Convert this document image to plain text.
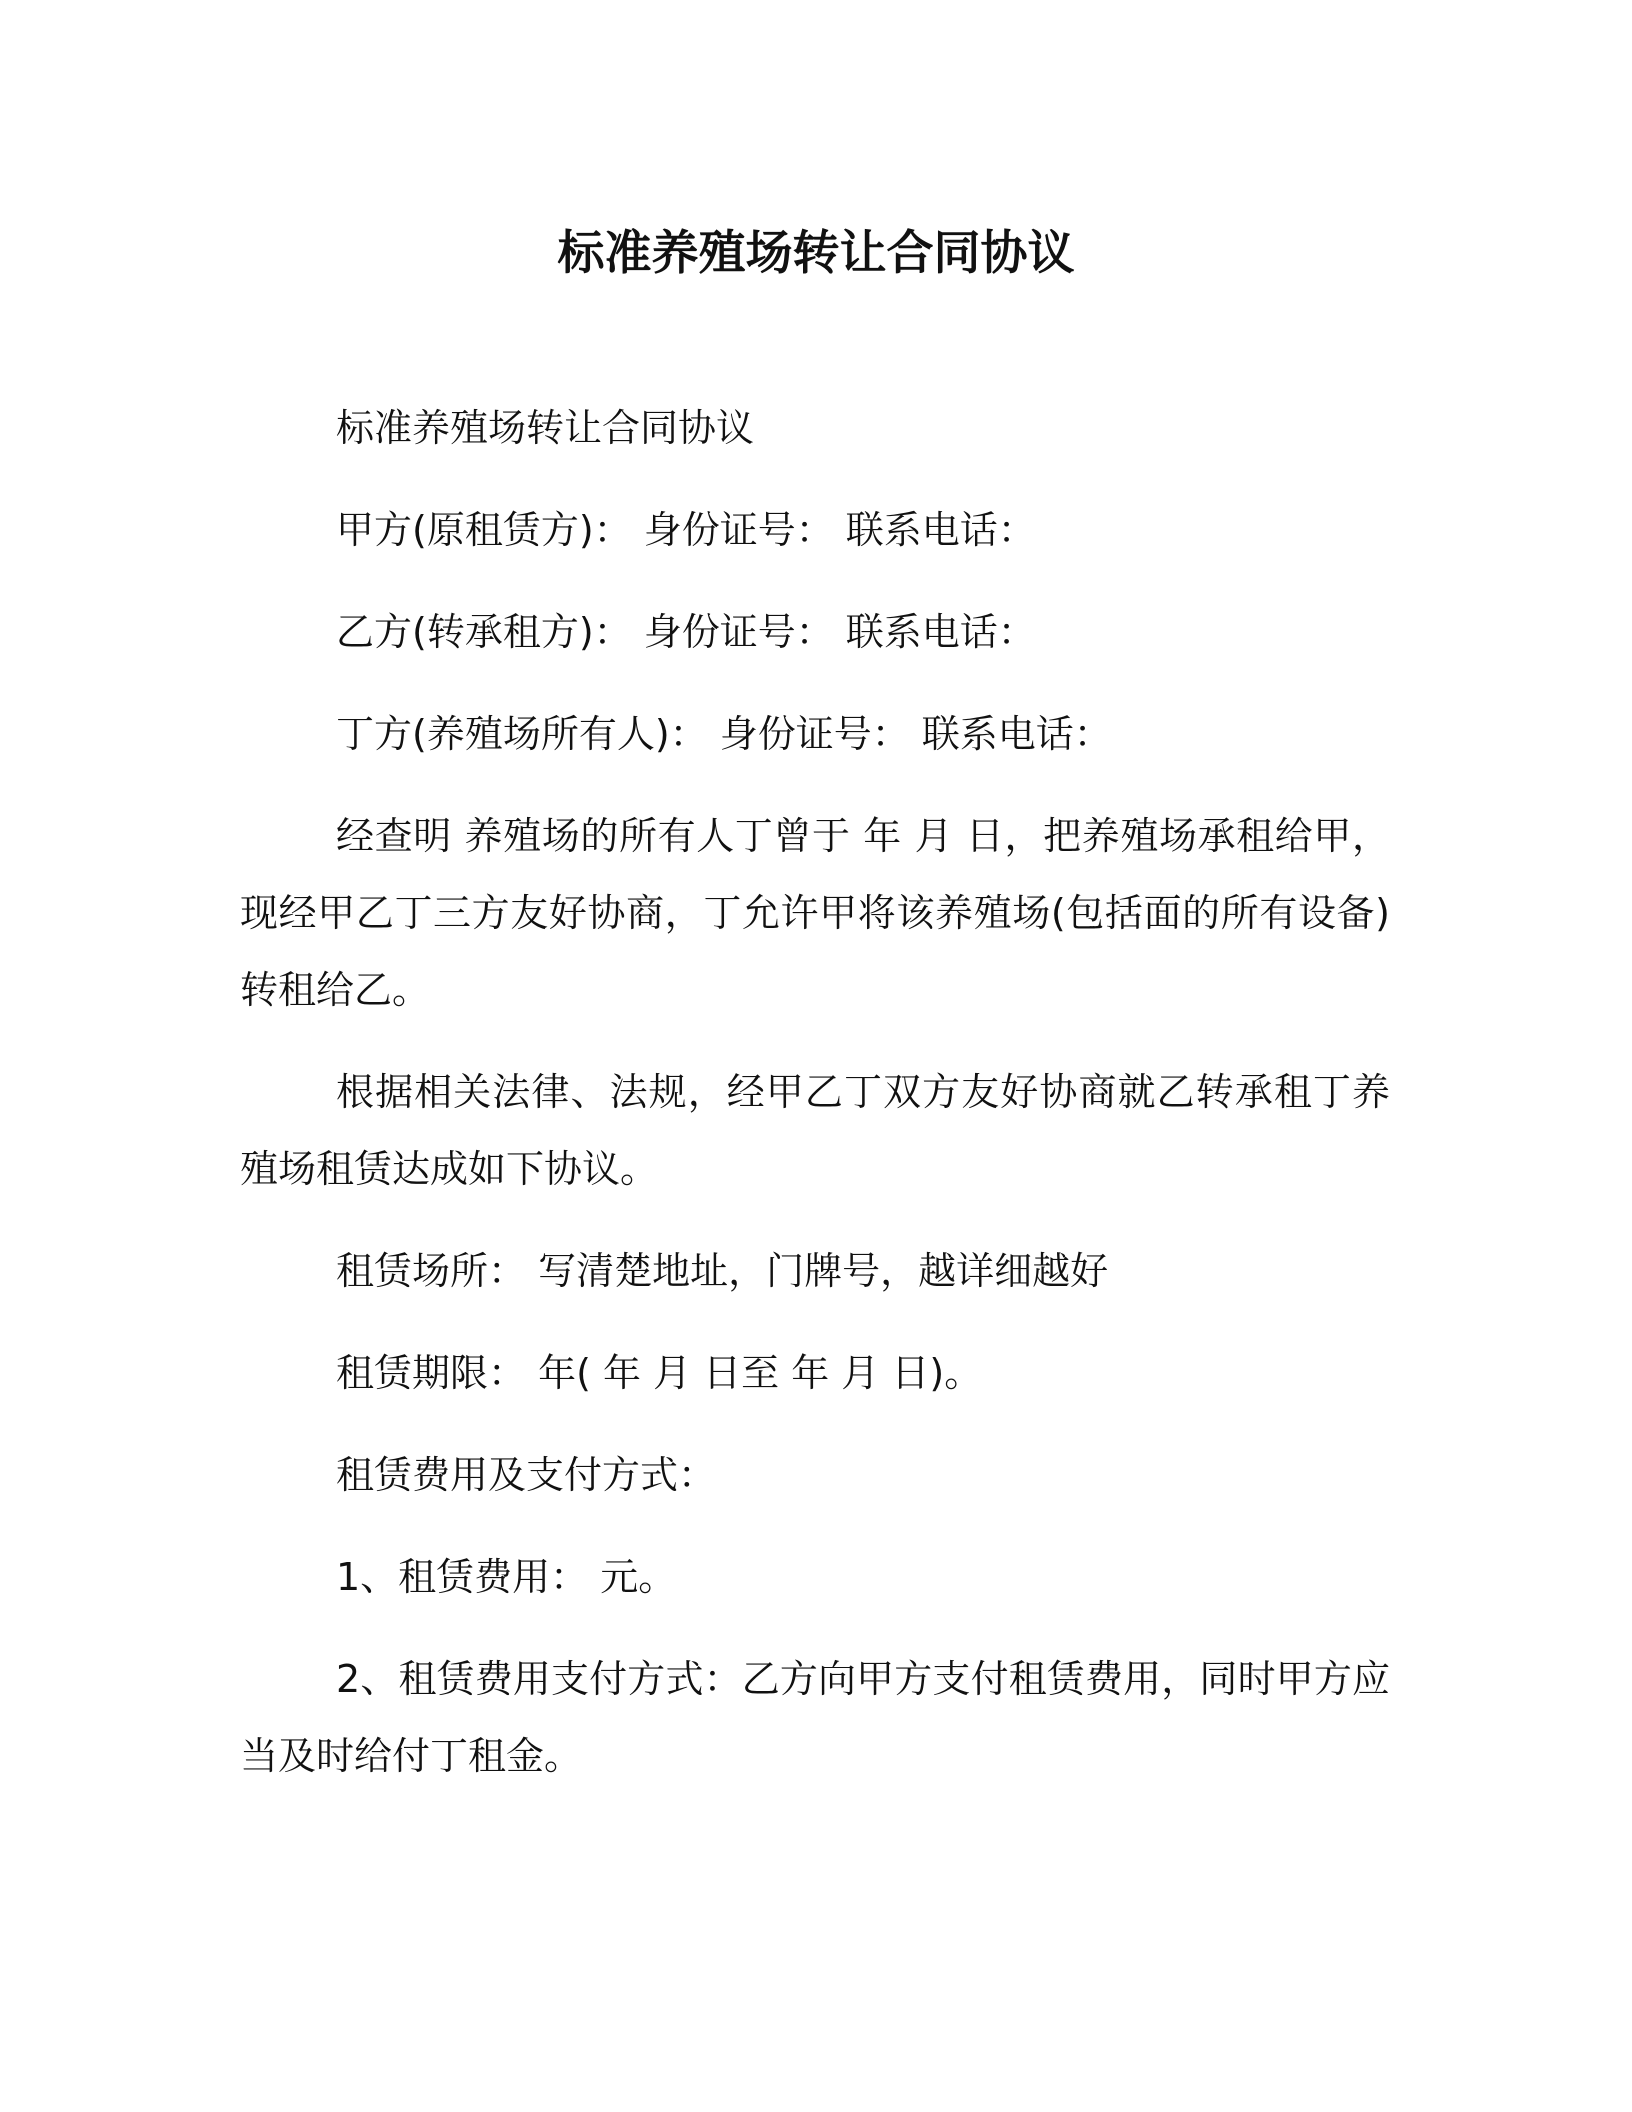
标准养殖场转让合同协议

标准养殖场转让合同协议

甲方(原租赁方)： 身份证号： 联系电话：

乙方(转承租方)： 身份证号： 联系电话：

丁方(养殖场所有人)： 身份证号： 联系电话：

经查明 养殖场的所有人丁曾于 年 月 日，把养殖场承租给甲，现经甲乙丁三方友好协商，丁允许甲将该养殖场(包括面的所有设备)转租给乙。

根据相关法律、法规，经甲乙丁双方友好协商就乙转承租丁养殖场租赁达成如下协议。

租赁场所： 写清楚地址，门牌号，越详细越好

租赁期限： 年( 年 月 日至 年 月 日)。

租赁费用及支付方式：

1、租赁费用： 元。

2、租赁费用支付方式：乙方向甲方支付租赁费用，同时甲方应当及时给付丁租金。
